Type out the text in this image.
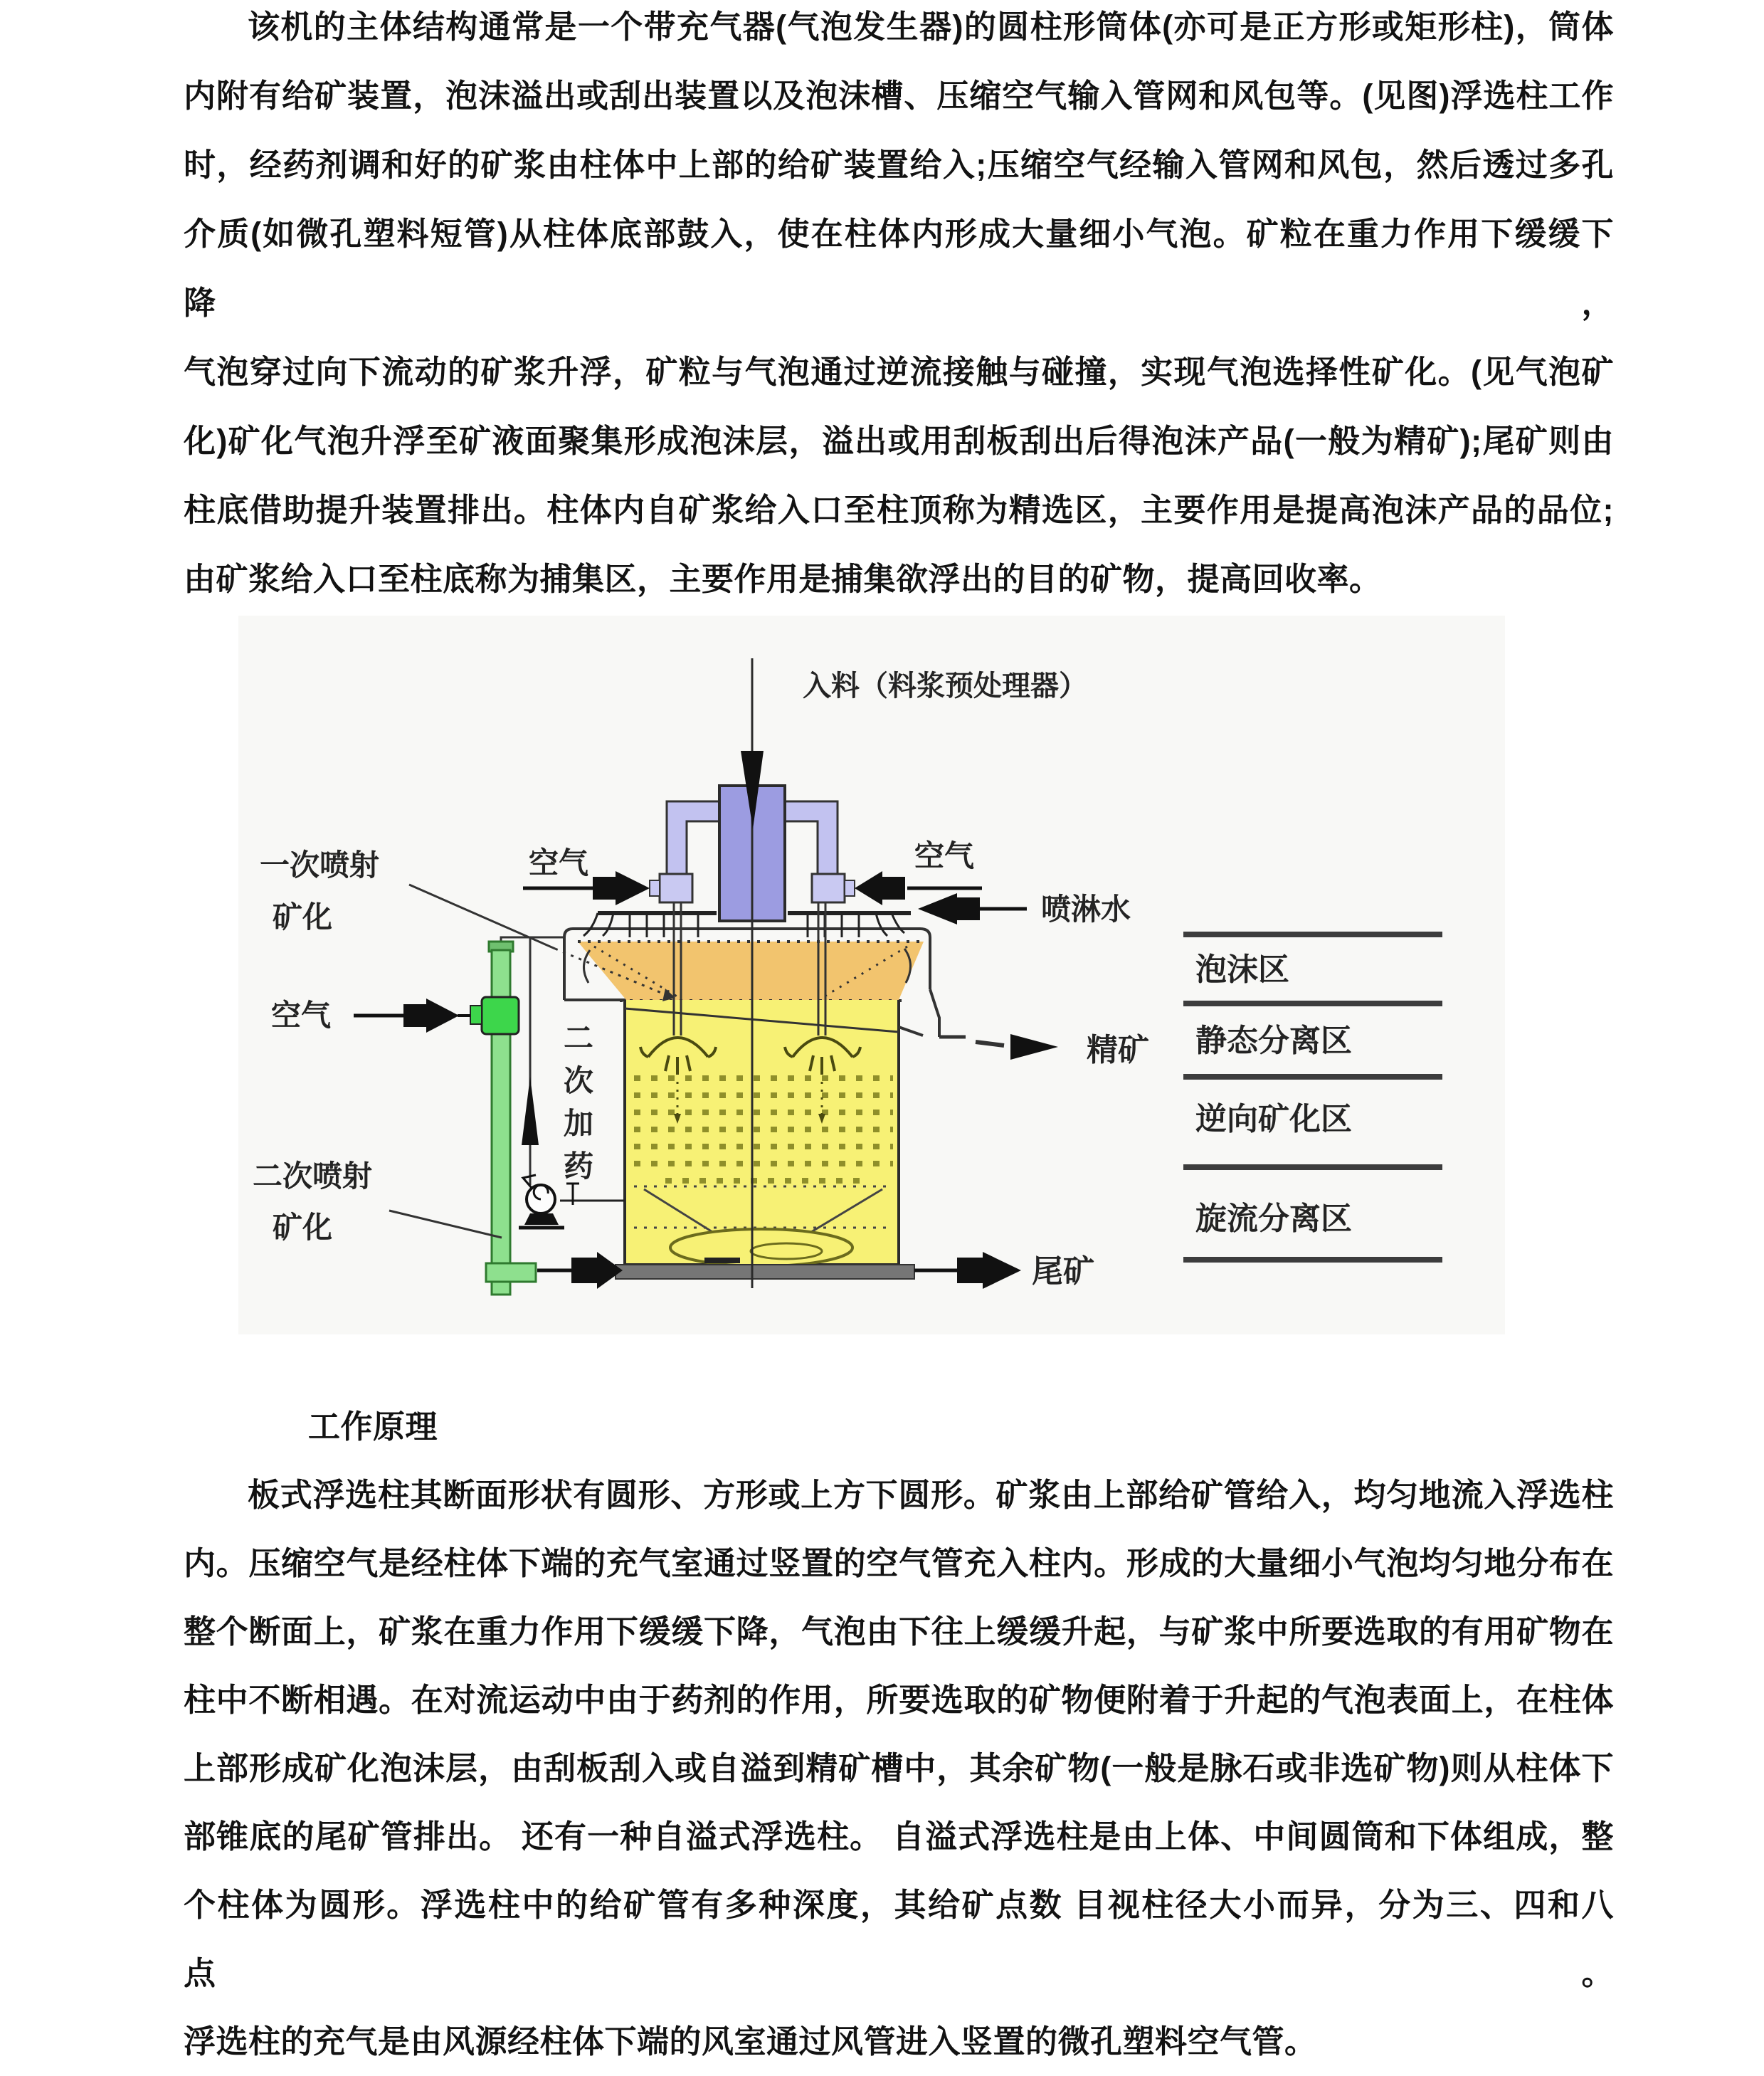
该机的主体结构通常是一个带充气器(气泡发生器)的圆柱形筒体(亦可是正方形或矩形柱)，筒体
内附有给矿装置，泡沫溢出或刮出装置以及泡沫槽、压缩空气输入管网和风包等。(见图)浮选柱工作
时，经药剂调和好的矿浆由柱体中上部的给矿装置给入;压缩空气经输入管网和风包，然后透过多孔
介质(如微孔塑料短管)从柱体底部鼓入，使在柱体内形成大量细小气泡。矿粒在重力作用下缓缓下降，
气泡穿过向下流动的矿浆升浮，矿粒与气泡通过逆流接触与碰撞，实现气泡选择性矿化。(见气泡矿
化)矿化气泡升浮至矿液面聚集形成泡沫层，溢出或用刮板刮出后得泡沫产品(一般为精矿);尾矿则由
柱底借助提升装置排出。柱体内自矿浆给入口至柱顶称为精选区，主要作用是提高泡沫产品的品位;
由矿浆给入口至柱底称为捕集区，主要作用是捕集欲浮出的目的矿物，提高回收率。
泡沫区
静态分离区
逆向矿化区
旋流分离区
入料（料浆预处理器）
空气	空气
喷淋水
一次喷射
矿化
空气
二次喷射
矿化
二
次
加
药
精矿
尾矿
工作原理
板式浮选柱其断面形状有圆形、方形或上方下圆形。矿浆由上部给矿管给入，均匀地流入浮选柱
内。压缩空气是经柱体下端的充气室通过竖置的空气管充入柱内。形成的大量细小气泡均匀地分布在
整个断面上，矿浆在重力作用下缓缓下降，气泡由下往上缓缓升起，与矿浆中所要选取的有用矿物在
柱中不断相遇。在对流运动中由于药剂的作用，所要选取的矿物便附着于升起的气泡表面上，在柱体
上部形成矿化泡沫层，由刮板刮入或自溢到精矿槽中，其余矿物(一般是脉石或非选矿物)则从柱体下
部锥底的尾矿管排出。 还有一种自溢式浮选柱。 自溢式浮选柱是由上体、中间圆筒和下体组成，整
个柱体为圆形。浮选柱中的给矿管有多种深度，其给矿点数 目视柱径大小而异，分为三、四和八点。
浮选柱的充气是由风源经柱体下端的风室通过风管进入竖置的微孔塑料空气管。
